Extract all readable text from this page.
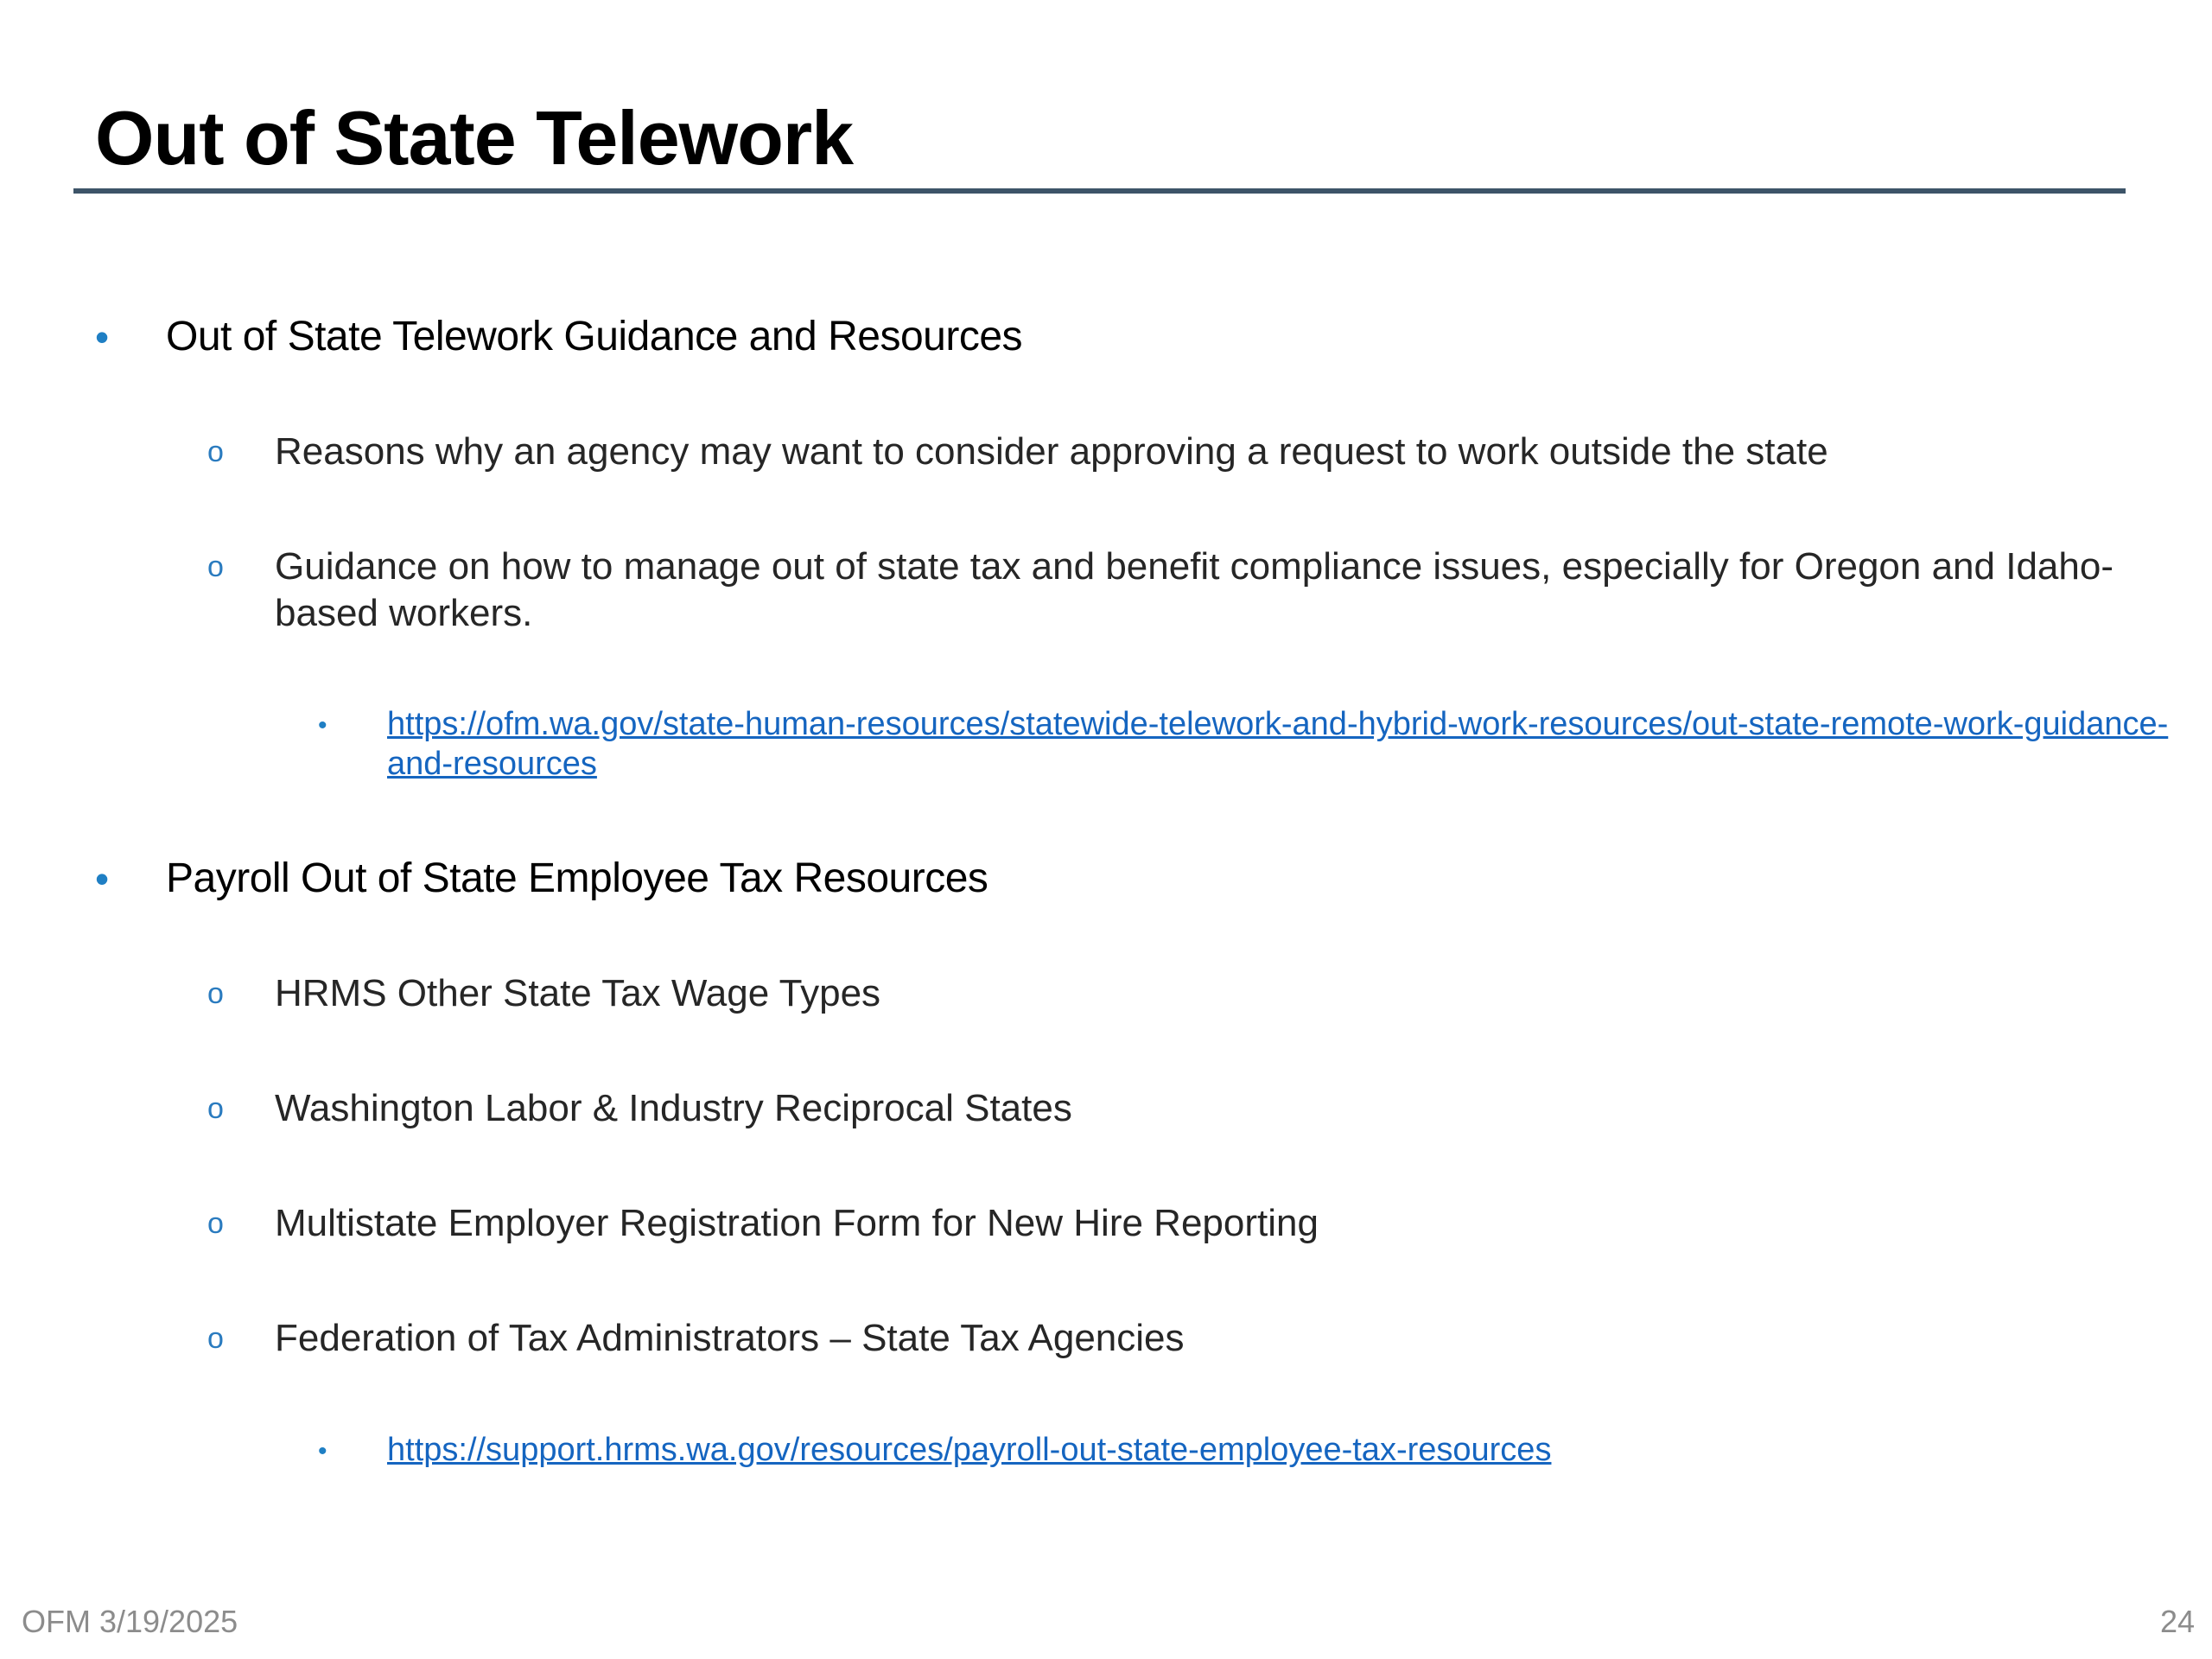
Out of State Telework
• Out of State Telework Guidance and Resources
o Reasons why an agency may want to consider approving a request to work outside the state
o Guidance on how to manage out of state tax and benefit compliance issues, especially for Oregon and Idaho-based workers.
• https://ofm.wa.gov/state-human-resources/statewide-telework-and-hybrid-work-resources/out-state-remote-work-guidance-and-resources
• Payroll Out of State Employee Tax Resources
o HRMS Other State Tax Wage Types
o Washington Labor & Industry Reciprocal States
o Multistate Employer Registration Form for New Hire Reporting
o Federation of Tax Administrators – State Tax Agencies
• https://support.hrms.wa.gov/resources/payroll-out-state-employee-tax-resources
OFM 3/19/2025	24
